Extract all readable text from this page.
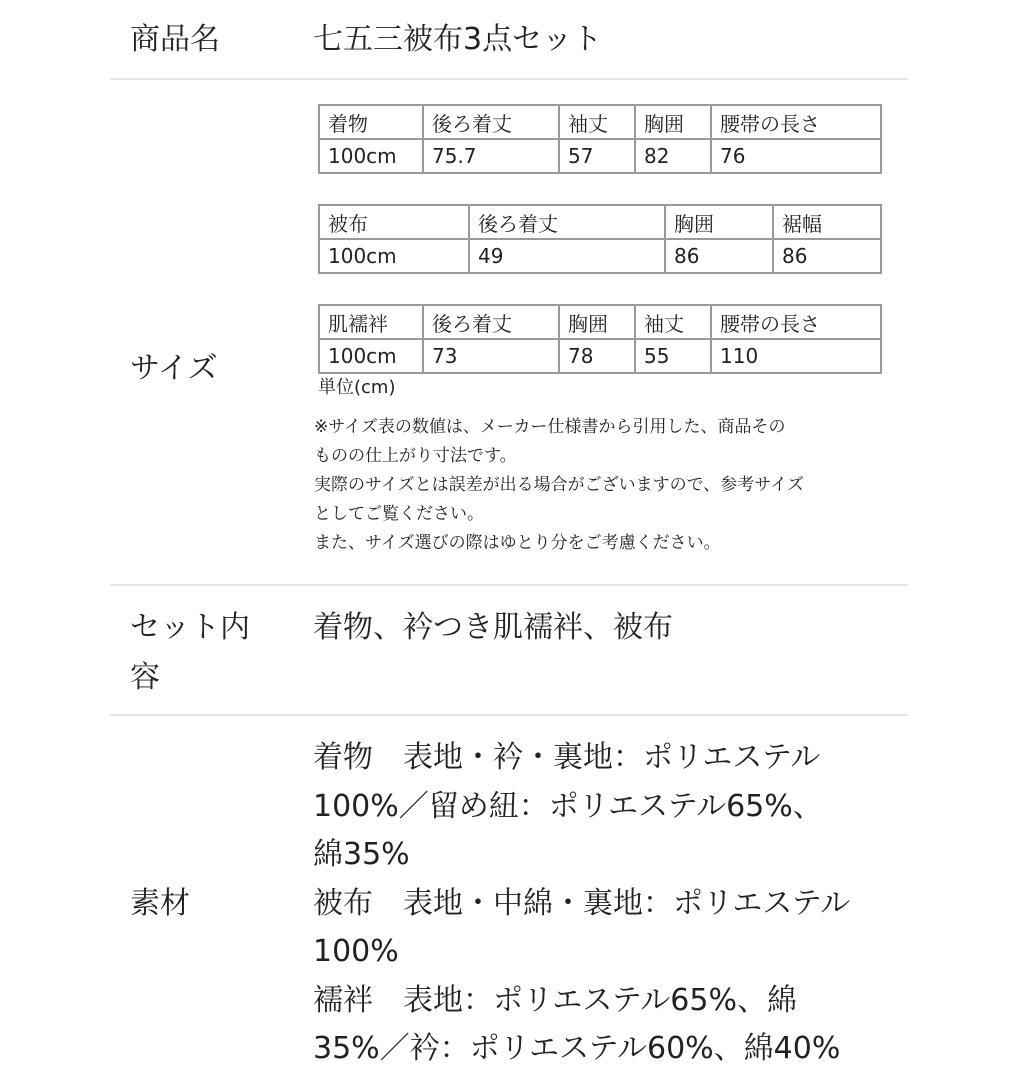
商品名	七五三被布3点セット
サイズ
着物	後ろ着丈	袖丈	胸囲	腰帯の長さ
100cm	75.7	57	82	76
被布	後ろ着丈	胸囲	裾幅
100cm	49	86	86
肌襦袢	後ろ着丈	胸囲	袖丈	腰帯の長さ
100cm	73	78	55	110
単位(cm)
※サイズ表の数値は、メーカー仕様書から引用した、商品その
ものの仕上がり寸法です。
実際のサイズとは誤差が出る場合がございますので、参考サイズ
としてご覧ください。
また、サイズ選びの際はゆとり分をご考慮ください。
セット内
容
着物、衿つき肌襦袢、被布
素材
着物　表地・衿・裏地：ポリエステル
100%／留め紐：ポリエステル65%、
綿35%
被布　表地・中綿・裏地：ポリエステル
100%
襦袢　表地：ポリエステル65%、綿
35%／衿：ポリエステル60%、綿40%
